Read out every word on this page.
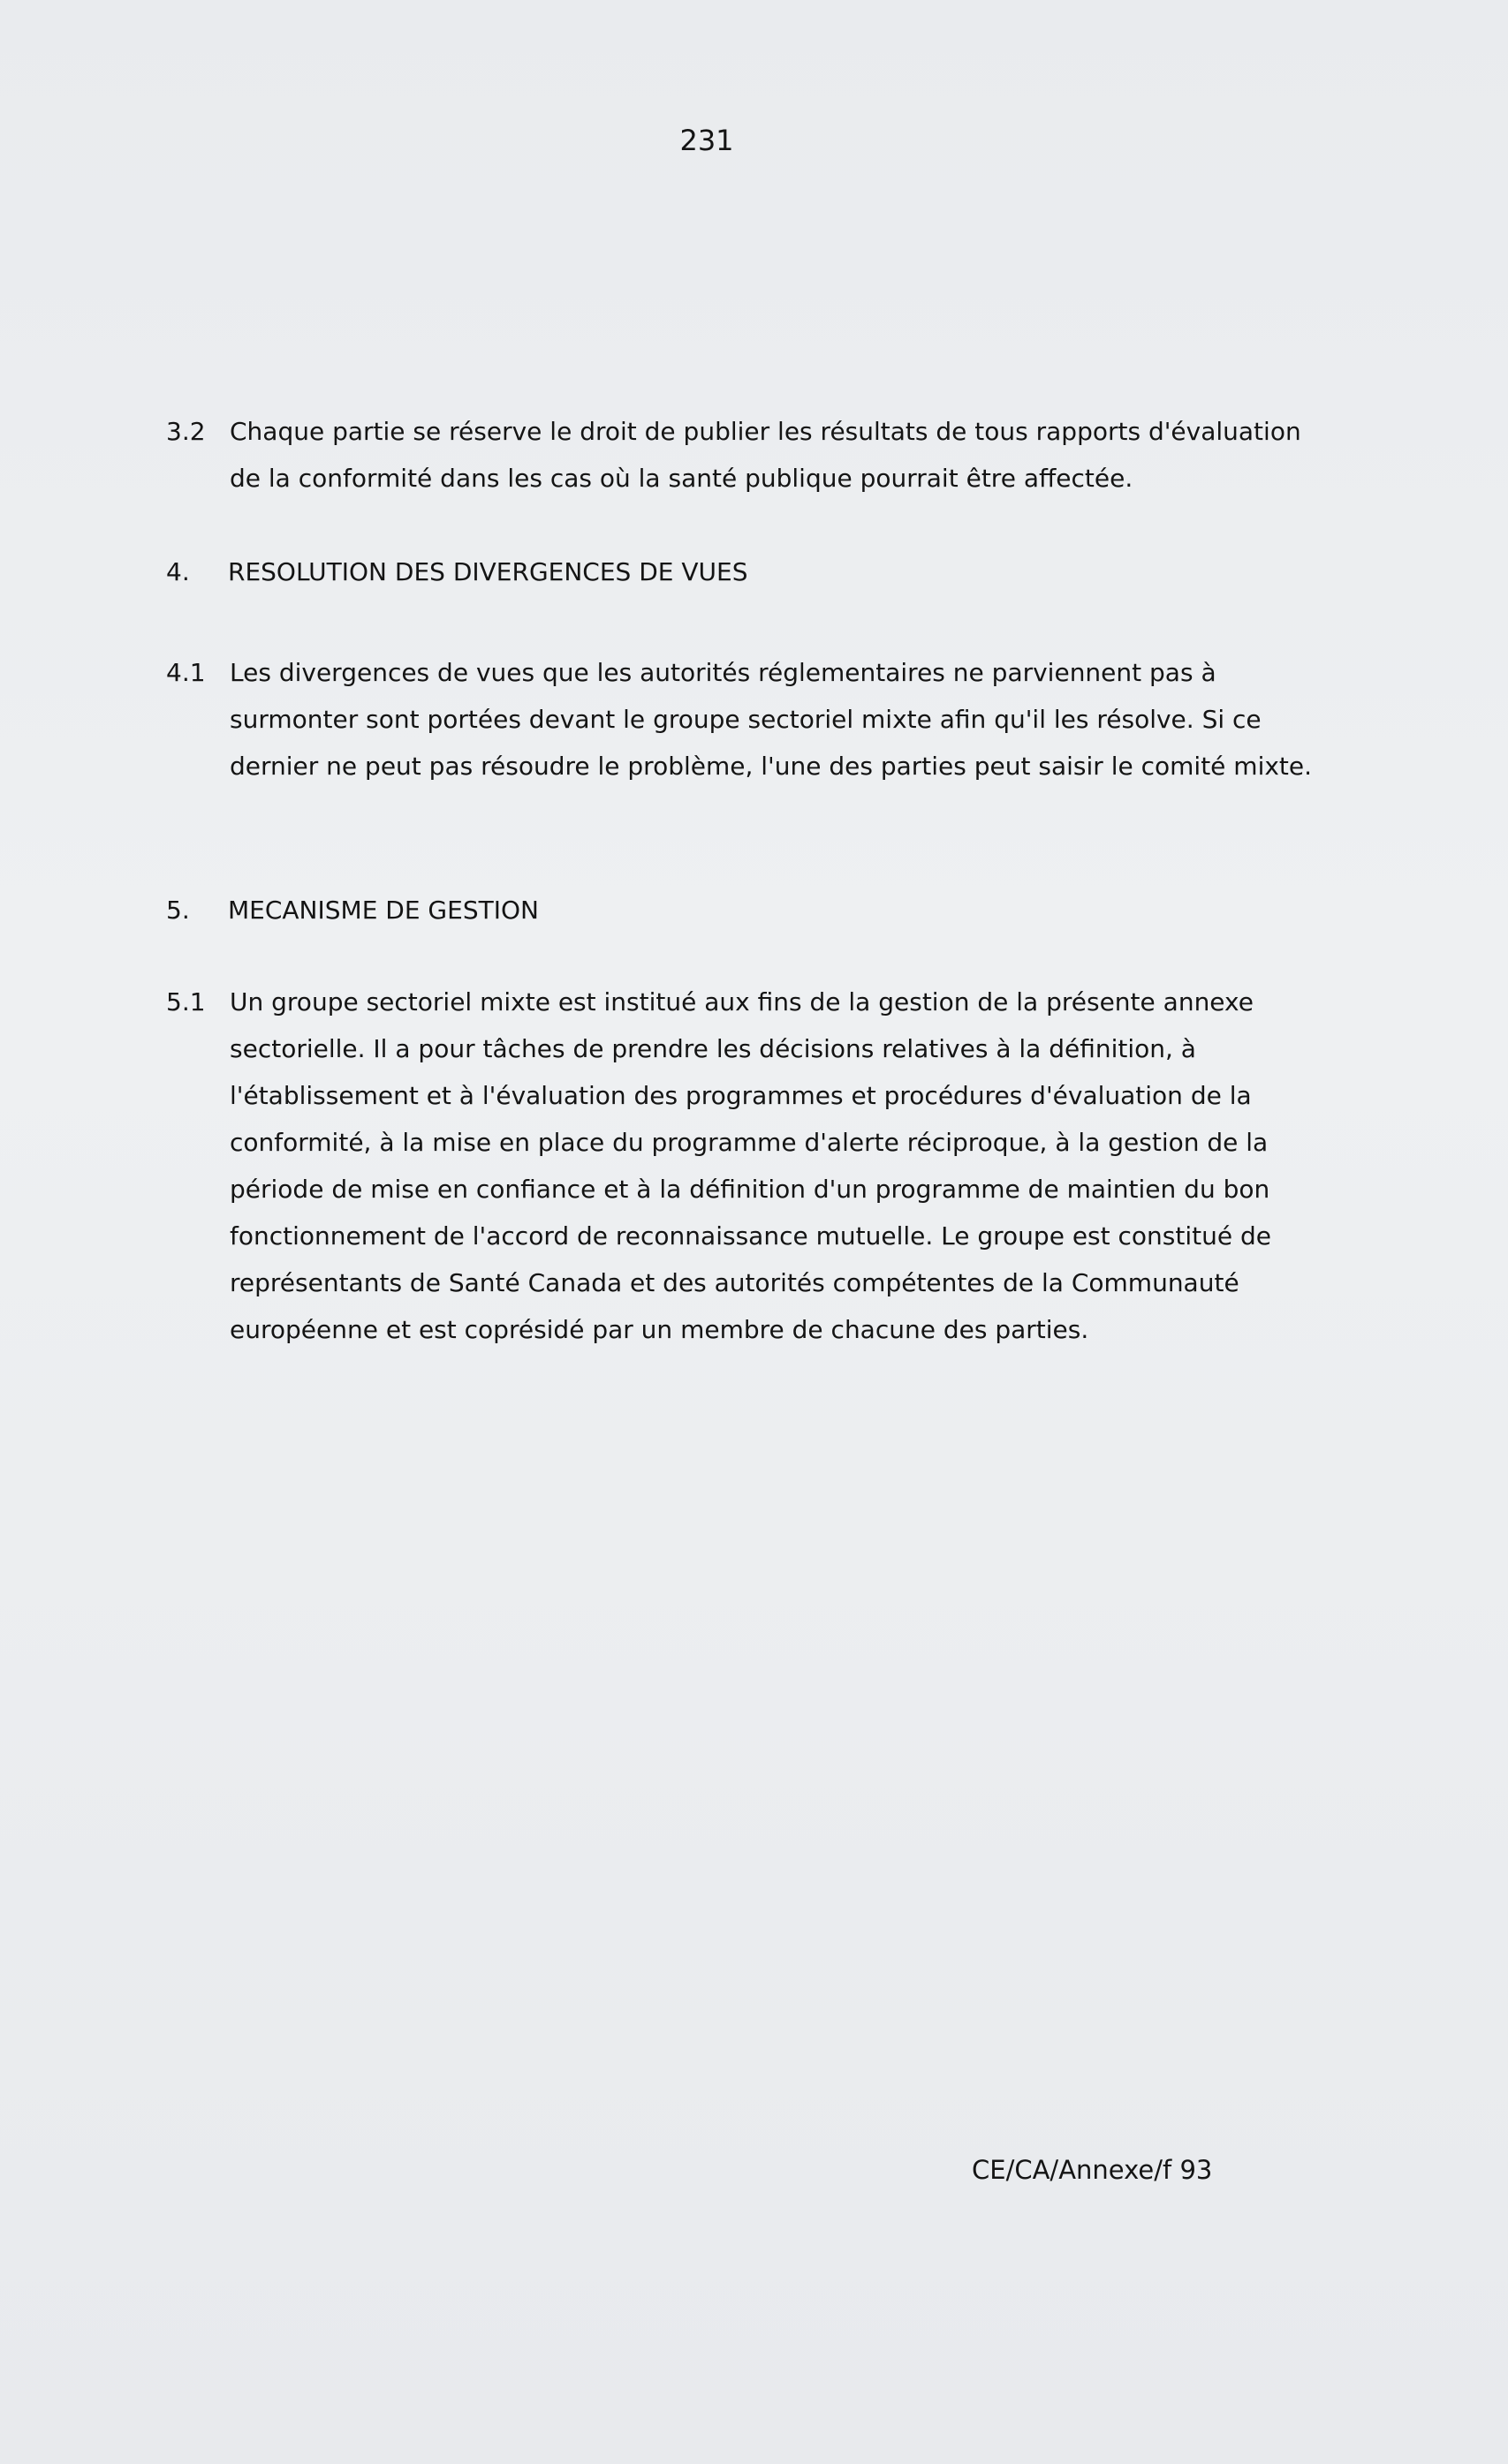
231
3.2 Chaque partie se réserve le droit de publier les résultats de tous rapports d'évaluation de la conformité dans les cas où la santé publique pourrait être affectée.
4. RESOLUTION DES DIVERGENCES DE VUES
4.1 Les divergences de vues que les autorités réglementaires ne parviennent pas à surmonter sont portées devant le groupe sectoriel mixte afin qu'il les résolve. Si ce dernier ne peut pas résoudre le problème, l'une des parties peut saisir le comité mixte.
5. MECANISME DE GESTION
5.1 Un groupe sectoriel mixte est institué aux fins de la gestion de la présente annexe sectorielle. Il a pour tâches de prendre les décisions relatives à la définition, à l'établissement et à l'évaluation des programmes et procédures d'évaluation de la conformité, à la mise en place du programme d'alerte réciproque, à la gestion de la période de mise en confiance et à la définition d'un programme de maintien du bon fonctionnement de l'accord de reconnaissance mutuelle. Le groupe est constitué de représentants de Santé Canada et des autorités compétentes de la Communauté européenne et est coprésidé par un membre de chacune des parties.
CE/CA/Annexe/f 93
